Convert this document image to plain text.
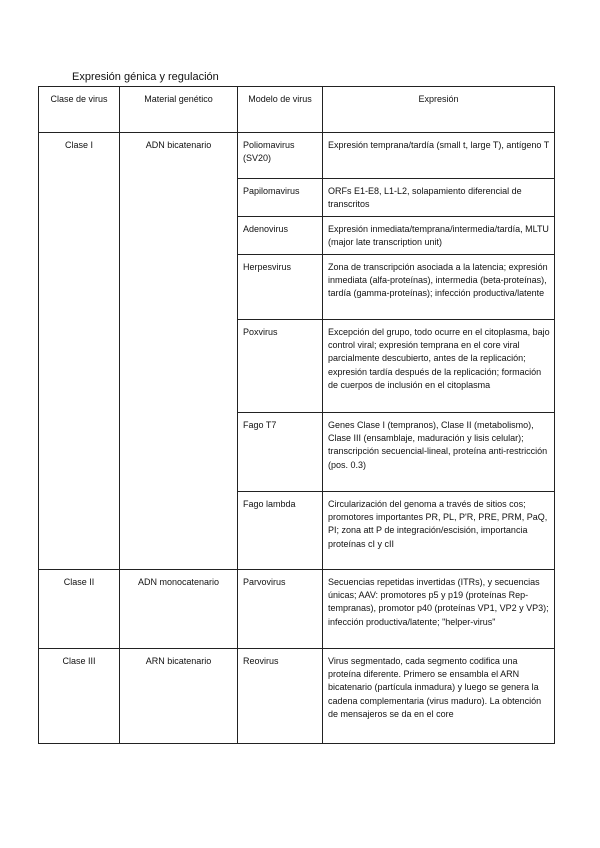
Expresión génica y regulación
Clase de virus	Material genético	Modelo de virus	Expresión
Clase I	ADN bicatenario	Poliomavirus (SV20)	Expresión temprana/tardía (small t, large T), antígeno T
		Papilomavirus	ORFs E1-E8, L1-L2, solapamiento diferencial de transcritos
		Adenovirus	Expresión inmediata/temprana/intermedia/tardía, MLTU (major late transcription unit)
		Herpesvirus	Zona de transcripción asociada a la latencia; expresión inmediata (alfa-proteínas), intermedia (beta-proteínas), tardía (gamma-proteínas); infección productiva/latente
		Poxvirus	Excepción del grupo, todo ocurre en el citoplasma, bajo control viral; expresión temprana en el core viral parcialmente descubierto, antes de la replicación; expresión tardía después de la replicación; formación de cuerpos de inclusión en el citoplasma
		Fago T7	Genes Clase I (tempranos), Clase II (metabolismo), Clase III (ensamblaje, maduración y lisis celular); transcripción secuencial-lineal, proteína anti-restricción (pos. 0.3)
		Fago lambda	Circularización del genoma a través de sitios cos; promotores importantes PR, PL, P'R, PRE, PRM, PaQ, PI; zona att P de integración/escisión, importancia proteínas cI y cII
Clase II	ADN monocatenario	Parvovirus	Secuencias repetidas invertidas (ITRs), y secuencias únicas; AAV: promotores p5 y p19 (proteínas Rep-tempranas), promotor p40 (proteínas VP1, VP2 y VP3); infección productiva/latente; "helper-virus"
Clase III	ARN bicatenario	Reovirus	Virus segmentado, cada segmento codifica una proteína diferente. Primero se ensambla el ARN bicatenario (partícula inmadura) y luego se genera la cadena complementaria (virus maduro). La obtención de mensajeros se da en el core
